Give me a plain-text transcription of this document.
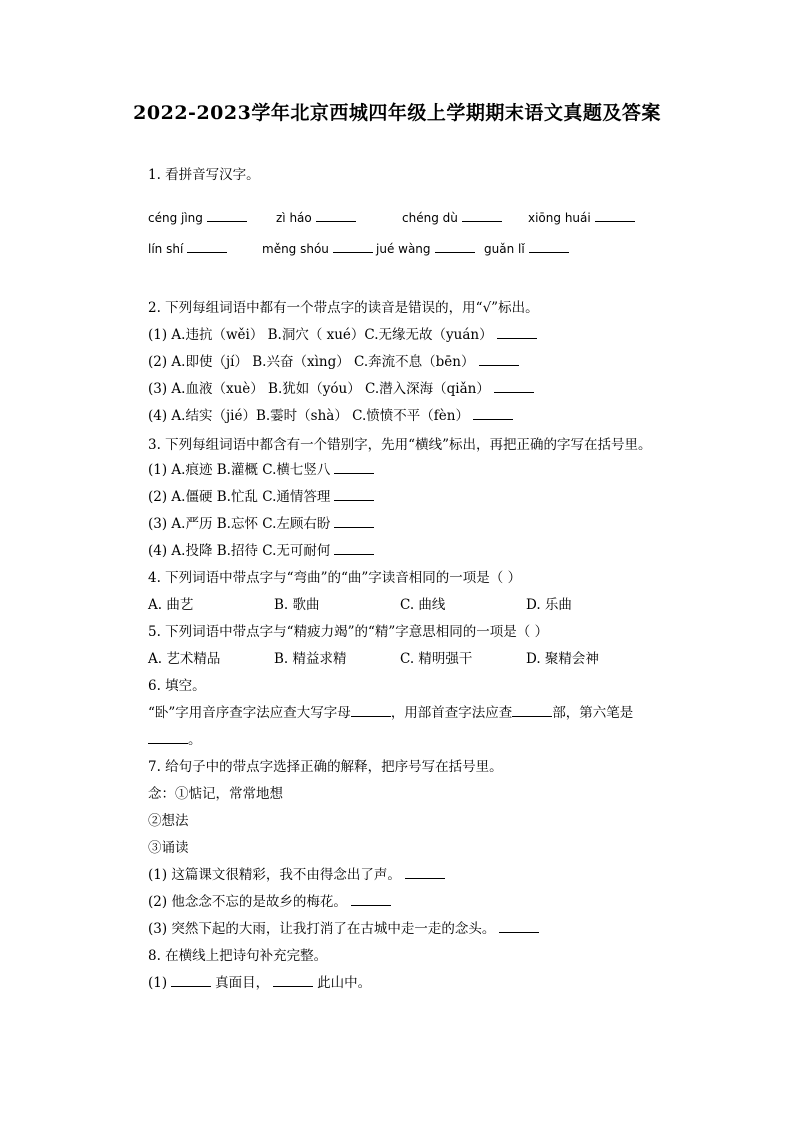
2022-2023学年北京西城四年级上学期期末语文真题及答案
1. 看拼音写汉字。
céng jìng	zì háo	chéng dù	xiōng huái
lín shí	měng shóu	jué wàng	guǎn lǐ
2. 下列每组词语中都有一个带点字的读音是错误的，用“√”标出。
(1) A.违抗（wěi） B.洞穴（ xué）C.无缘无故（yuán）
(2) A.即使（jí） B.兴奋（xìng） C.奔流不息（bēn）
(3) A.血液（xuè） B.犹如（yóu） C.潜入深海（qiǎn）
(4) A.结实（jié）B.霎时（shà） C.愤愤不平（fèn）
3. 下列每组词语中都含有一个错别字，先用“横线”标出，再把正确的字写在括号里。
(1) A.痕迹 B.灌概 C.横七竖八
(2) A.僵硬 B.忙乱 C.通情答理
(3) A.严历 B.忘怀 C.左顾右盼
(4) A.投降 B.招待 C.无可耐何
4. 下列词语中带点字与“弯曲”的“曲”字读音相同的一项是（ ）
A. 曲艺	B. 歌曲	C. 曲线	D. 乐曲
5. 下列词语中带点字与“精疲力竭”的“精”字意思相同的一项是（ ）
A. 艺术精品	B. 精益求精	C. 精明强干	D. 聚精会神
6. 填空。
“卧”字用音序查字法应查大写字母	，用部首查字法应查	部，第六笔是
。
7. 给句子中的带点字选择正确的解释，把序号写在括号里。
念：①惦记，常常地想
②想法
③诵读
(1) 这篇课文很精彩，我不由得念出了声。
(2) 他念念不忘的是故乡的梅花。
(3) 突然下起的大雨，让我打消了在古城中走一走的念头。
8. 在横线上把诗句补充完整。
(1)	真面目，	此山中。
